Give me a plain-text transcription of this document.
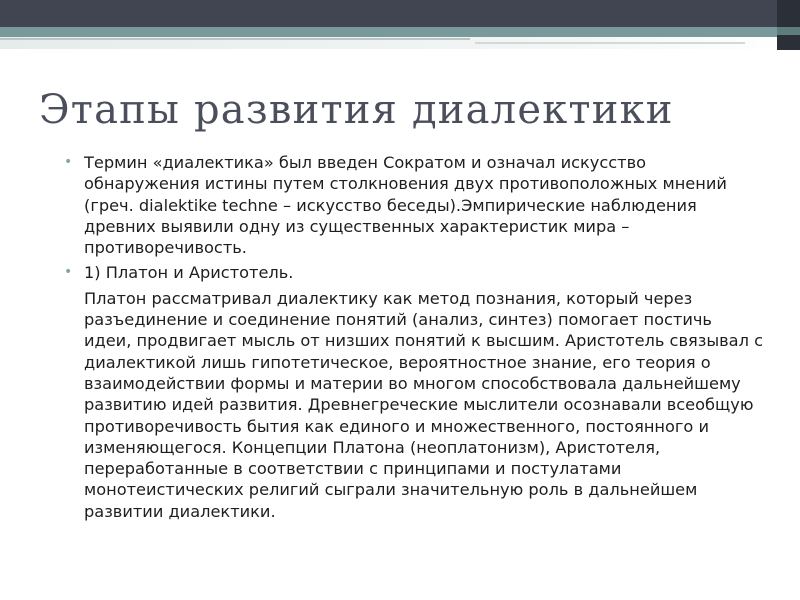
Этапы развития диалектики
• Термин «диалектика» был введен Сократом и означал искусство обнаружения истины путем столкновения двух противоположных мнений (греч. dialektike techne – искусство беседы).Эмпирические наблюдения древних выявили одну из существенных характеристик мира – противоречивость.
• 1) Платон и Аристотель.
Платон рассматривал диалектику как метод познания, который через разъединение и соединение понятий (анализ, синтез) помогает постичь идеи, продвигает мысль от низших понятий к высшим. Аристотель связывал с диалектикой лишь гипотетическое, вероятностное знание, его теория о взаимодействии формы и материи во многом способствовала дальнейшему развитию идей развития. Древнегреческие мыслители осознавали всеобщую противоречивость бытия как единого и множественного, постоянного и изменяющегося. Концепции Платона (неоплатонизм), Аристотеля, переработанные в соответствии с принципами и постулатами монотеистических религий сыграли значительную роль в дальнейшем развитии диалектики.
